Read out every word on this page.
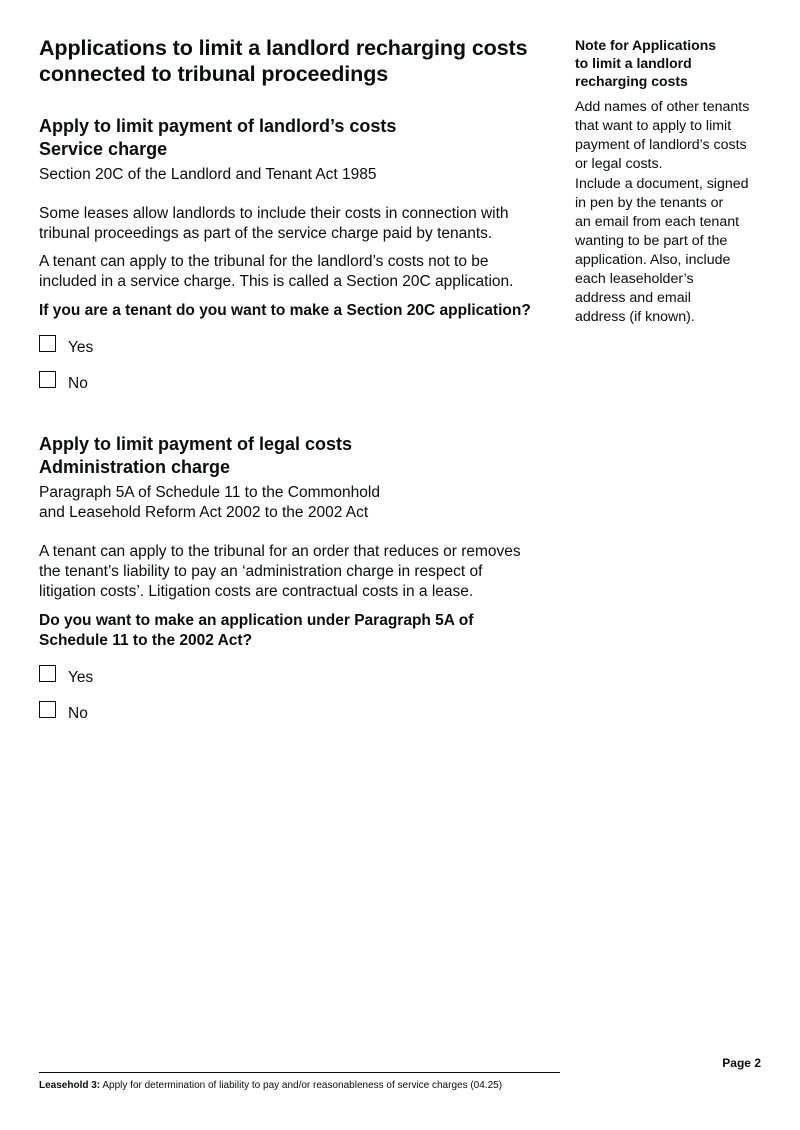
Applications to limit a landlord recharging costs
connected to tribunal proceedings
Apply to limit payment of landlord’s costs
Service charge

Section 20C of the Landlord and Tenant Act 1985

Some leases allow landlords to include their costs in connection with
tribunal proceedings as part of the service charge paid by tenants.

A tenant can apply to the tribunal for the landlord’s costs not to be
included in a service charge. This is called a Section 20C application.

If you are a tenant do you want to make a Section 20C application?

Yes
No
Apply to limit payment of legal costs
Administration charge

Paragraph 5A of Schedule 11 to the Commonhold
and Leasehold Reform Act 2002 to the 2002 Act

A tenant can apply to the tribunal for an order that reduces or removes
the tenant’s liability to pay an ‘administration charge in respect of
litigation costs’. Litigation costs are contractual costs in a lease.

Do you want to make an application under Paragraph 5A of
Schedule 11 to the 2002 Act?

Yes
No

Note for Applications
to limit a landlord
recharging costs

Add names of other tenants
that want to apply to limit
payment of landlord’s costs
or legal costs.

Include a document, signed
in pen by the tenants or
an email from each tenant
wanting to be part of the
application. Also, include
each leaseholder’s
address and email
address (if known).

Page 2
Leasehold 3: Apply for determination of liability to pay and/or reasonableness of service charges (04.25)
